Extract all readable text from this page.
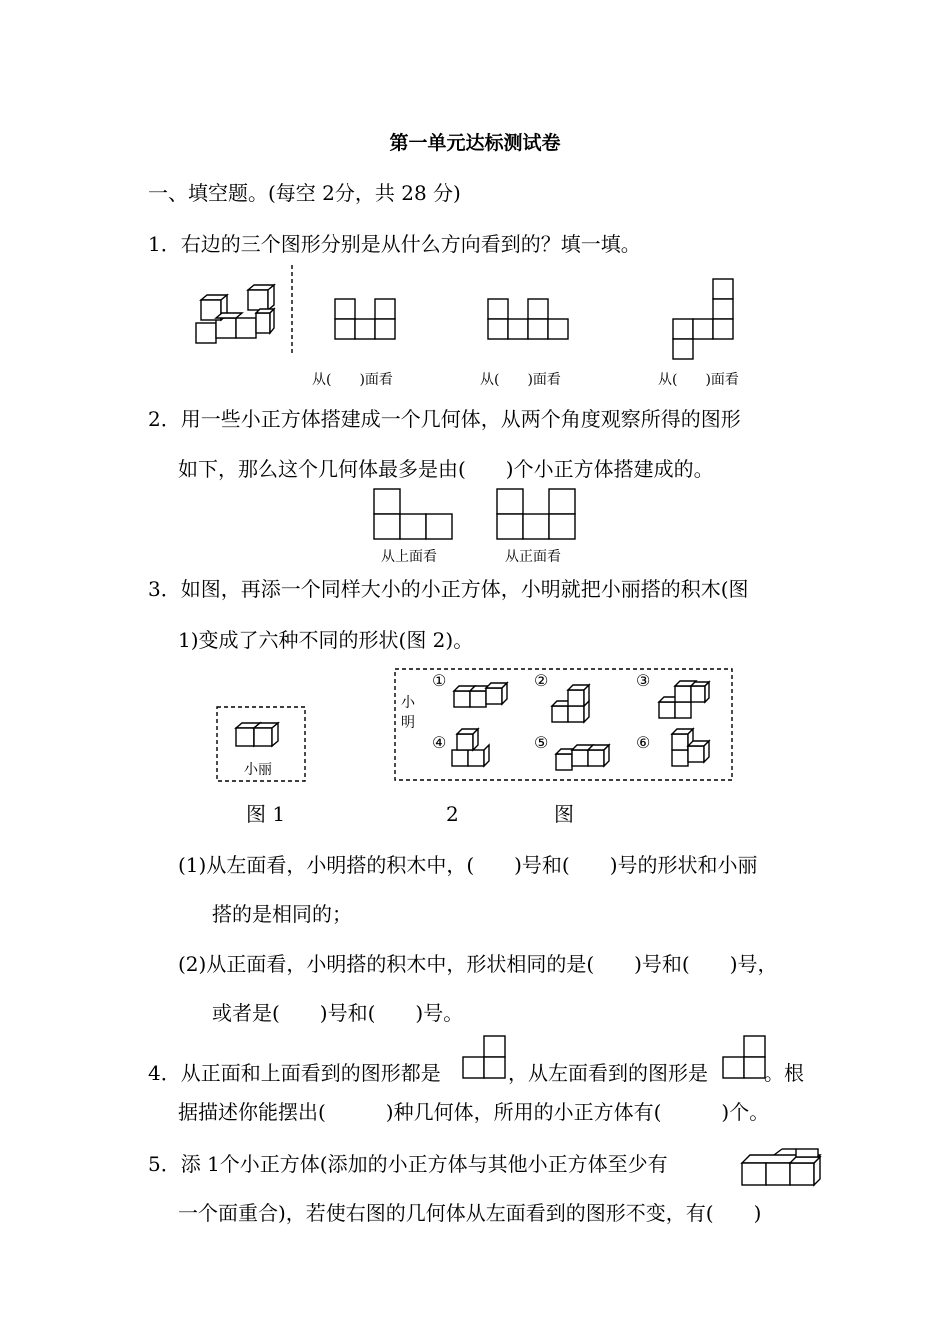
第一单元达标测试卷
一、填空题。(每空 2分，共 28 分)
1．右边的三个图形分别是从什么方向看到的？填一填。
从(　　)面看	从(　　)面看	从(　　)面看
2．用一些小正方体搭建成一个几何体，从两个角度观察所得的图形
如下，那么这个几何体最多是由(　　)个小正方体搭建成的。
从上面看	从正面看
3．如图，再添一个同样大小的小正方体，小明就把小丽搭的积木(图
1)变成了六种不同的形状(图 2)。
小丽
小明
①	②	③
④	⑤	⑥
图 1	2	图
(1)从左面看，小明搭的积木中，(　　)号和(　　)号的形状和小丽
搭的是相同的；
(2)从正面看，小明搭的积木中，形状相同的是(　　)号和(　　)号，
或者是(　　)号和(　　)号。
4．从正面和上面看到的图形都是	，从左面看到的图形是	。根
据描述你能摆出(　　　)种几何体，所用的小正方体有(　　　)个。
5．添 1个小正方体(添加的小正方体与其他小正方体至少有
一个面重合)，若使右图的几何体从左面看到的图形不变，有(　　)
